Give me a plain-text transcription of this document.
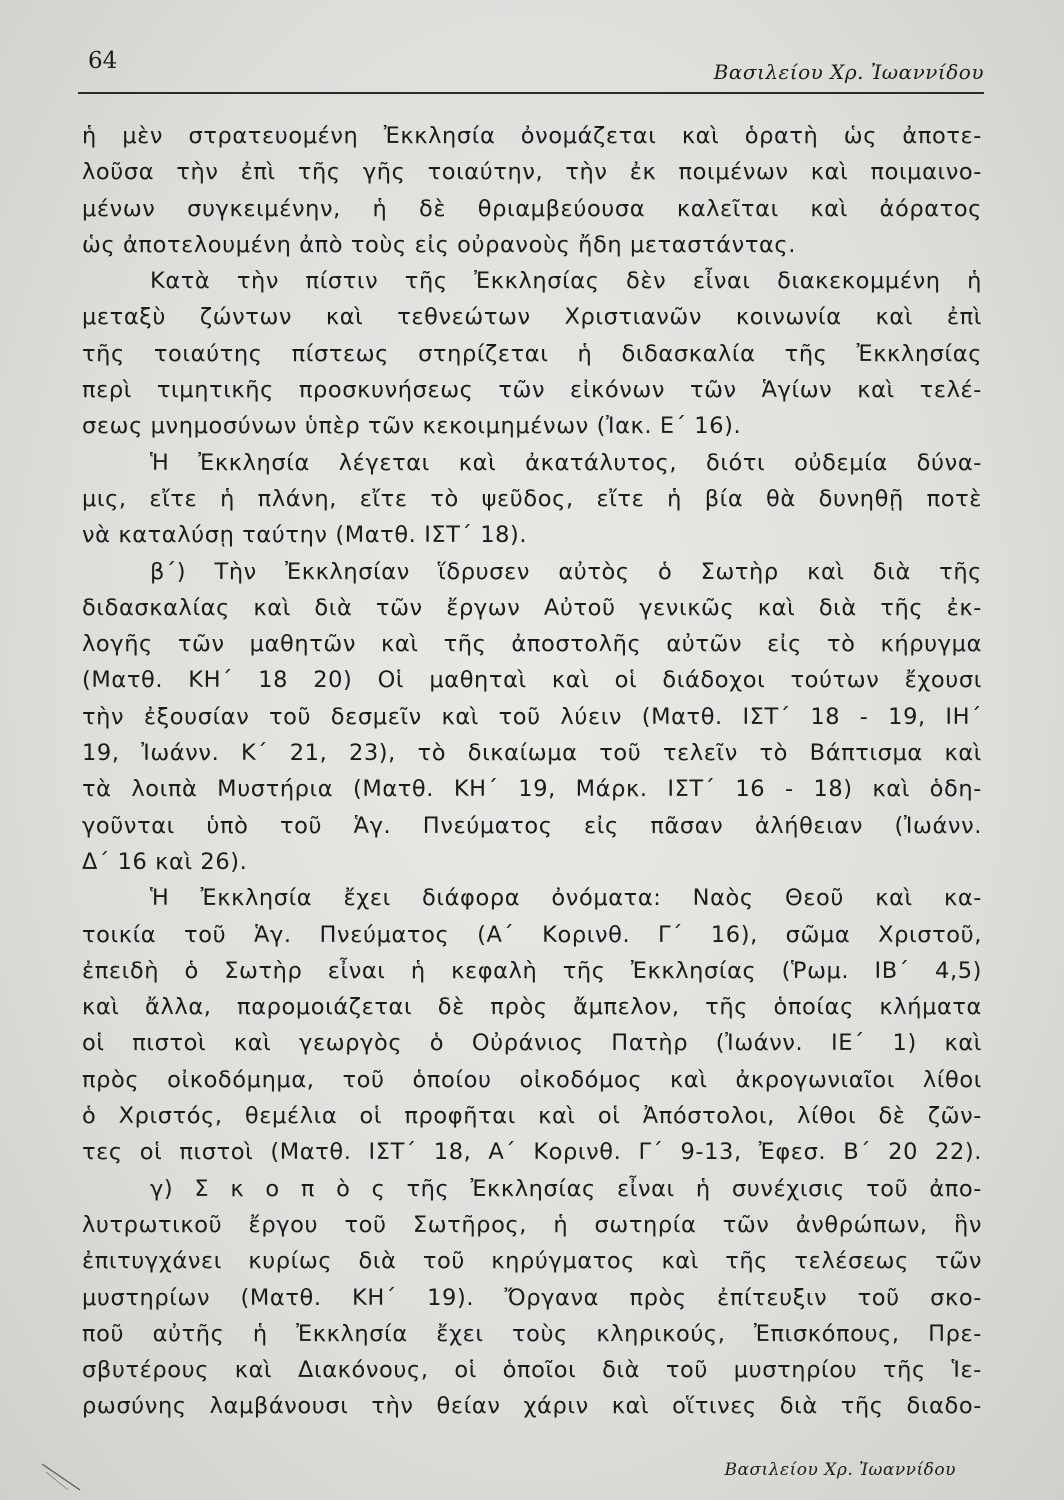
64	Βασιλείου Χρ. Ἰωαννίδου
ἡ μὲν στρατευομένη Ἐκκλησία ὀνομάζεται καὶ ὁρατὴ ὡς ἀποτε-
λοῦσα τὴν ἐπὶ τῆς γῆς τοιαύτην, τὴν ἐκ ποιμένων καὶ ποιμαινο-
μένων συγκειμένην, ἡ δὲ θριαμβεύουσα καλεῖται καὶ ἀόρατος
ὡς ἀποτελουμένη ἀπὸ τοὺς εἰς οὐρανοὺς ἤδη μεταστάντας.
Κατὰ τὴν πίστιν τῆς Ἐκκλησίας δὲν εἶναι διακεκομμένη ἡ
μεταξὺ ζώντων καὶ τεθνεώτων Χριστιανῶν κοινωνία καὶ ἐπὶ
τῆς τοιαύτης πίστεως στηρίζεται ἡ διδασκαλία τῆς Ἐκκλησίας
περὶ τιμητικῆς προσκυνήσεως τῶν εἰκόνων τῶν Ἁγίων καὶ τελέ-
σεως μνημοσύνων ὑπὲρ τῶν κεκοιμημένων (Ἰακ. Ε΄ 16).
Ἡ Ἐκκλησία λέγεται καὶ ἀκατάλυτος, διότι οὐδεμία δύνα-
μις, εἴτε ἡ πλάνη, εἴτε τὸ ψεῦδος, εἴτε ἡ βία θὰ δυνηθῇ ποτὲ
νὰ καταλύσῃ ταύτην (Ματθ. ΙΣΤ΄ 18).
β΄) Τὴν Ἐκκλησίαν ἵδρυσεν αὐτὸς ὁ Σωτὴρ καὶ διὰ τῆς
διδασκαλίας καὶ διὰ τῶν ἔργων Αὐτοῦ γενικῶς καὶ διὰ τῆς ἐκ-
λογῆς τῶν μαθητῶν καὶ τῆς ἀποστολῆς αὐτῶν εἰς τὸ κήρυγμα
(Ματθ. ΚΗ΄ 18 20) Οἱ μαθηταὶ καὶ οἱ διάδοχοι τούτων ἔχουσι
τὴν ἐξουσίαν τοῦ δεσμεῖν καὶ τοῦ λύειν (Ματθ. ΙΣΤ΄ 18 - 19, ΙΗ΄
19, Ἰωάνν. Κ΄ 21, 23), τὸ δικαίωμα τοῦ τελεῖν τὸ Βάπτισμα καὶ
τὰ λοιπὰ Μυστήρια (Ματθ. ΚΗ΄ 19, Μάρκ. ΙΣΤ΄ 16 - 18) καὶ ὁδη-
γοῦνται ὑπὸ τοῦ Ἁγ. Πνεύματος εἰς πᾶσαν ἀλήθειαν (Ἰωάνν.
Δ΄ 16 καὶ 26).
Ἡ Ἐκκλησία ἔχει διάφορα ὀνόματα: Ναὸς Θεοῦ καὶ κα-
τοικία τοῦ Ἁγ. Πνεύματος (Α΄ Κορινθ. Γ΄ 16), σῶμα Χριστοῦ,
ἐπειδὴ ὁ Σωτὴρ εἶναι ἡ κεφαλὴ τῆς Ἐκκλησίας (Ῥωμ. ΙΒ΄ 4,5)
καὶ ἄλλα, παρομοιάζεται δὲ πρὸς ἄμπελον, τῆς ὁποίας κλήματα
οἱ πιστοὶ καὶ γεωργὸς ὁ Οὐράνιος Πατὴρ (Ἰωάνν. ΙΕ΄ 1) καὶ
πρὸς οἰκοδόμημα, τοῦ ὁποίου οἰκοδόμος καὶ ἀκρογωνιαῖοι λίθοι
ὁ Χριστός, θεμέλια οἱ προφῆται καὶ οἱ Ἀπόστολοι, λίθοι δὲ ζῶν-
τες οἱ πιστοὶ (Ματθ. ΙΣΤ΄ 18, Α΄ Κορινθ. Γ΄ 9-13, Ἐφεσ. Β΄ 20 22).
γ) Σ κ ο π ὸ ς τῆς Ἐκκλησίας εἶναι ἡ συνέχισις τοῦ ἀπο-
λυτρωτικοῦ ἔργου τοῦ Σωτῆρος, ἡ σωτηρία τῶν ἀνθρώπων, ἣν
ἐπιτυγχάνει κυρίως διὰ τοῦ κηρύγματος καὶ τῆς τελέσεως τῶν
μυστηρίων (Ματθ. ΚΗ΄ 19). Ὄργανα πρὸς ἐπίτευξιν τοῦ σκο-
ποῦ αὐτῆς ἡ Ἐκκλησία ἔχει τοὺς κληρικούς, Ἐπισκόπους, Πρε-
σβυτέρους καὶ Διακόνους, οἱ ὁποῖοι διὰ τοῦ μυστηρίου τῆς Ἱε-
ρωσύνης λαμβάνουσι τὴν θείαν χάριν καὶ οἵτινες διὰ τῆς διαδο-
Βασιλείου Χρ. Ἰωαννίδου
